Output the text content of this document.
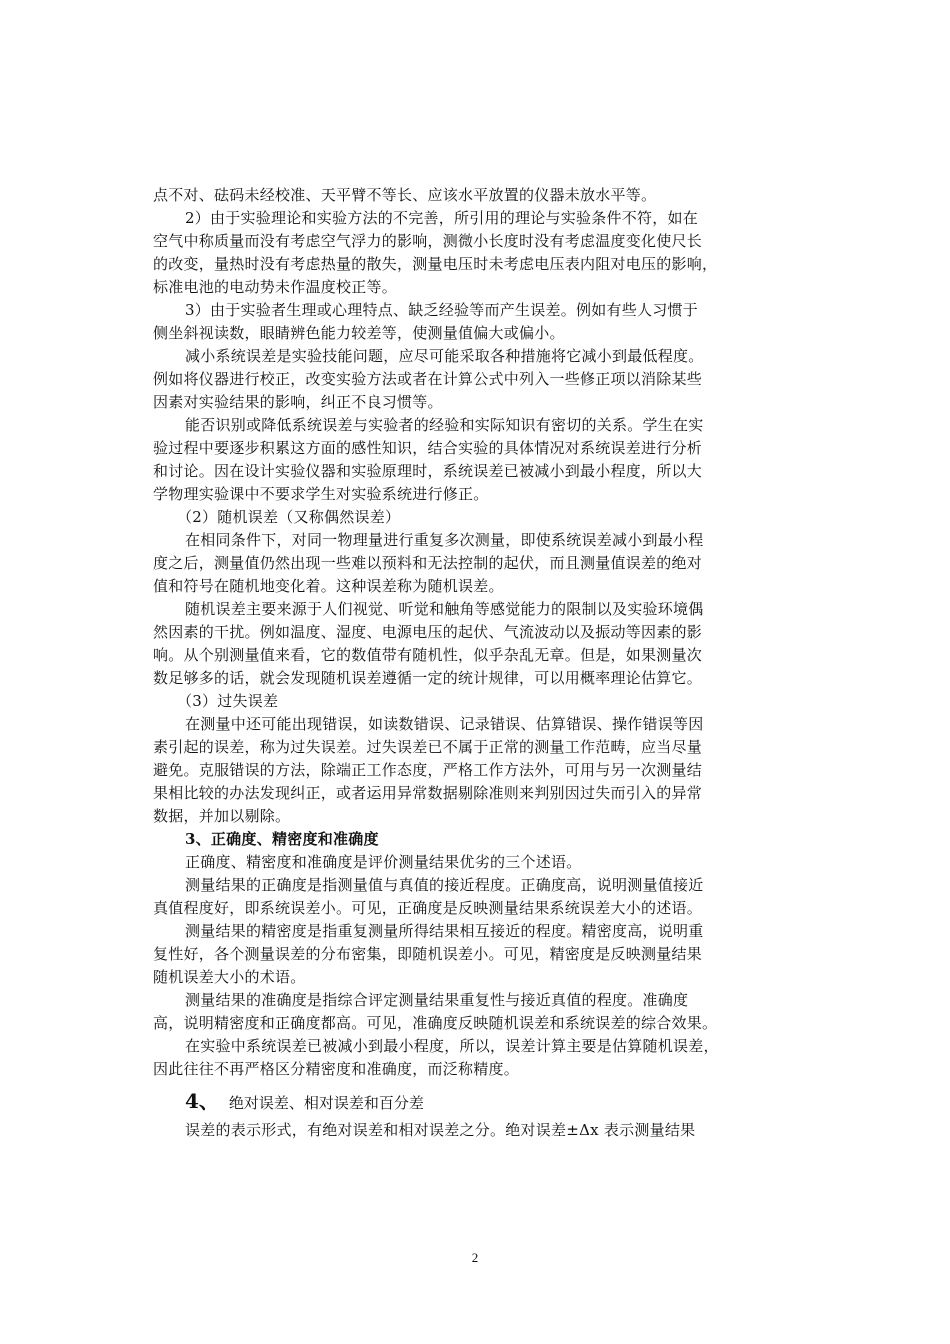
点不对、砝码未经校准、天平臂不等长、应该水平放置的仪器未放水平等。
2）由于实验理论和实验方法的不完善，所引用的理论与实验条件不符，如在
空气中称质量而没有考虑空气浮力的影响，测微小长度时没有考虑温度变化使尺长
的改变，量热时没有考虑热量的散失，测量电压时未考虑电压表内阻对电压的影响，
标准电池的电动势未作温度校正等。
3）由于实验者生理或心理特点、缺乏经验等而产生误差。例如有些人习惯于
侧坐斜视读数，眼睛辨色能力较差等，使测量值偏大或偏小。
减小系统误差是实验技能问题，应尽可能采取各种措施将它减小到最低程度。
例如将仪器进行校正，改变实验方法或者在计算公式中列入一些修正项以消除某些
因素对实验结果的影响，纠正不良习惯等。
能否识别或降低系统误差与实验者的经验和实际知识有密切的关系。学生在实
验过程中要逐步积累这方面的感性知识，结合实验的具体情况对系统误差进行分析
和讨论。因在设计实验仪器和实验原理时，系统误差已被减小到最小程度，所以大
学物理实验课中不要求学生对实验系统进行修正。
（2）随机误差（又称偶然误差）
在相同条件下，对同一物理量进行重复多次测量，即使系统误差减小到最小程
度之后，测量值仍然出现一些难以预料和无法控制的起伏，而且测量值误差的绝对
值和符号在随机地变化着。这种误差称为随机误差。
随机误差主要来源于人们视觉、听觉和触角等感觉能力的限制以及实验环境偶
然因素的干扰。例如温度、湿度、电源电压的起伏、气流波动以及振动等因素的影
响。从个别测量值来看，它的数值带有随机性，似乎杂乱无章。但是，如果测量次
数足够多的话，就会发现随机误差遵循一定的统计规律，可以用概率理论估算它。
（3）过失误差
在测量中还可能出现错误，如读数错误、记录错误、估算错误、操作错误等因
素引起的误差，称为过失误差。过失误差已不属于正常的测量工作范畴，应当尽量
避免。克服错误的方法，除端正工作态度，严格工作方法外，可用与另一次测量结
果相比较的办法发现纠正，或者运用异常数据剔除准则来判别因过失而引入的异常
数据，并加以剔除。
3、正确度、精密度和准确度
正确度、精密度和准确度是评价测量结果优劣的三个述语。
测量结果的正确度是指测量值与真值的接近程度。正确度高，说明测量值接近
真值程度好，即系统误差小。可见，正确度是反映测量结果系统误差大小的述语。
测量结果的精密度是指重复测量所得结果相互接近的程度。精密度高，说明重
复性好，各个测量误差的分布密集，即随机误差小。可见，精密度是反映测量结果
随机误差大小的术语。
测量结果的准确度是指综合评定测量结果重复性与接近真值的程度。准确度
高，说明精密度和正确度都高。可见，准确度反映随机误差和系统误差的综合效果。
在实验中系统误差已被减小到最小程度，所以，误差计算主要是估算随机误差，
因此往往不再严格区分精密度和准确度，而泛称精度。
4、 绝对误差、相对误差和百分差
误差的表示形式，有绝对误差和相对误差之分。绝对误差±Δx 表示测量结果
2
